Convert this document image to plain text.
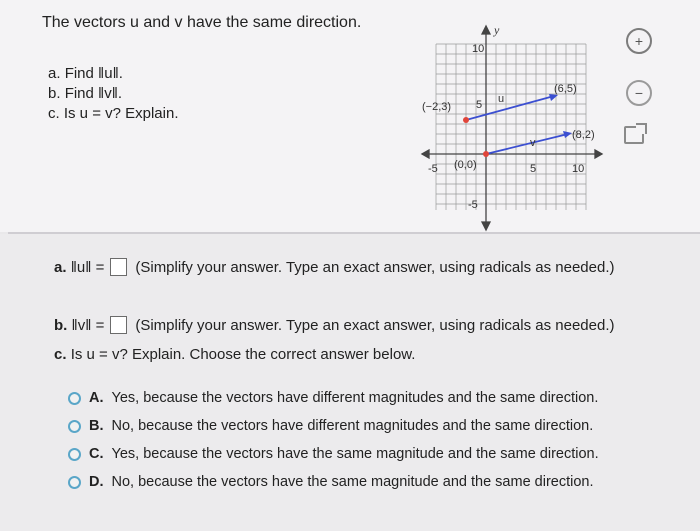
The vectors u and v have the same direction.
a. Find ‖u‖.
b. Find ‖v‖.
c. Is u = v? Explain.
y
10
5
-5
-5	5	10
u
(−2,3)
(6,5)
v
(0,0)
(8,2)
+
−
a.
‖u‖ = (Simplify your answer. Type an exact answer, using radicals as needed.)
b.
‖v‖ = (Simplify your answer. Type an exact answer, using radicals as needed.)
c.
Is u = v? Explain. Choose the correct answer below.
A. Yes, because the vectors have different magnitudes and the same direction.
B. No, because the vectors have different magnitudes and the same direction.
C. Yes, because the vectors have the same magnitude and the same direction.
D. No, because the vectors have the same magnitude and the same direction.
